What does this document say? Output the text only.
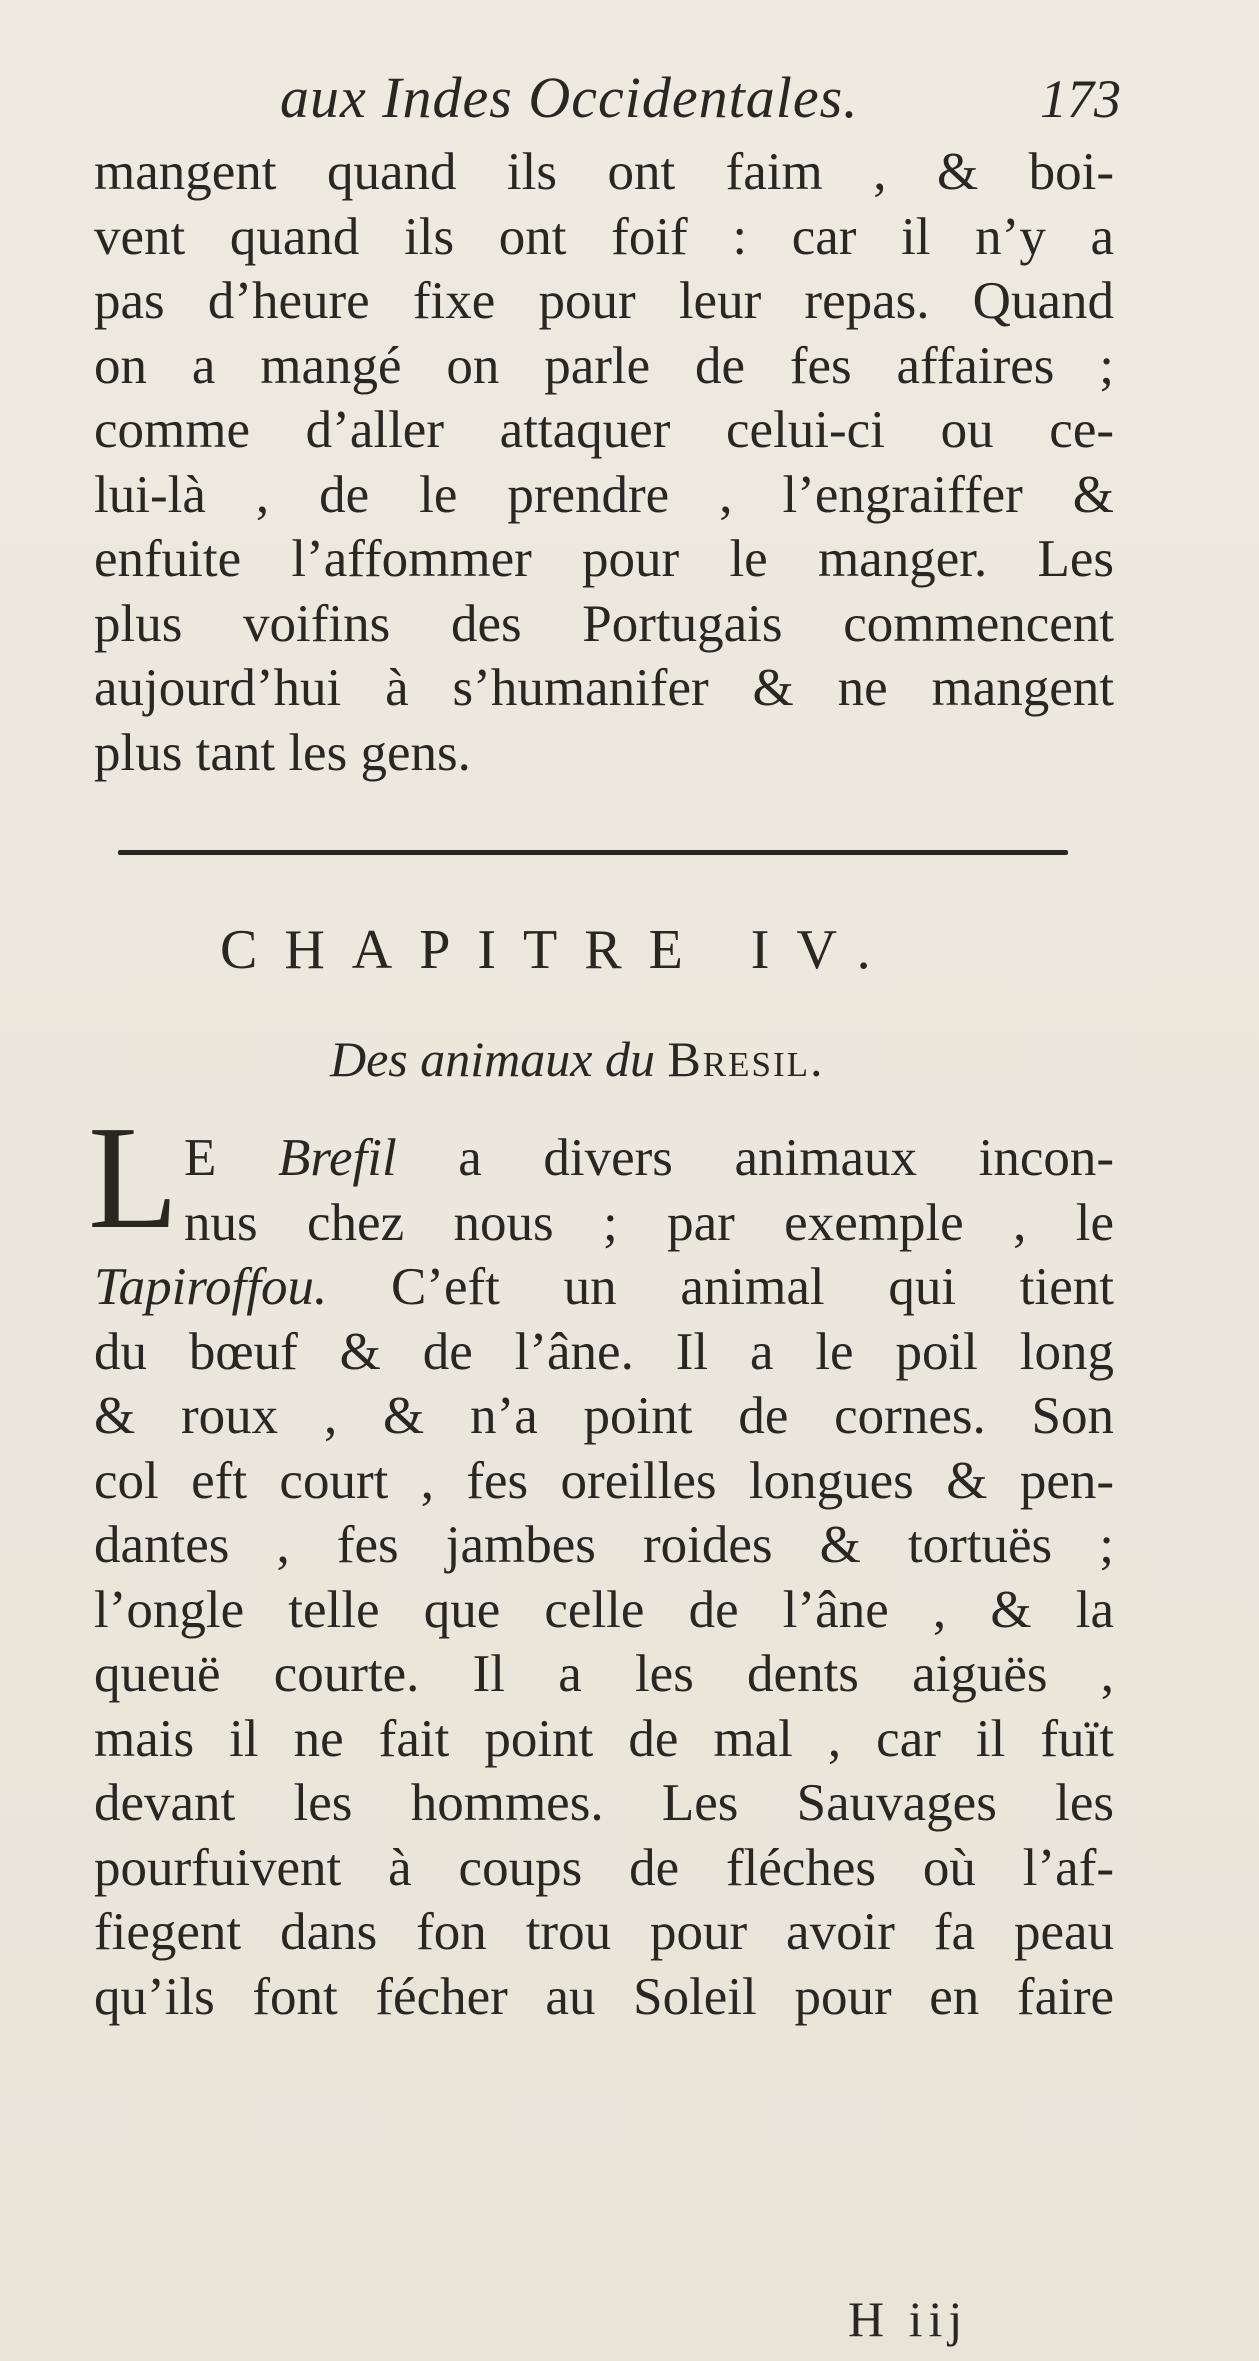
aux Indes Occidentales.	173
mangent quand ils ont faim , & boi-
vent quand ils ont foif : car il n’y a
pas d’heure fixe pour leur repas. Quand
on a mangé on parle de fes affaires ;
comme d’aller attaquer celui-ci ou ce-
lui-là , de le prendre , l’engraiffer &
enfuite l’affommer pour le manger. Les
plus voifins des Portugais commencent
aujourd’hui à s’humanifer & ne mangent
plus tant les gens.
CHAPITRE IV.
Des animaux du Bresil.
L E Brefil a divers animaux incon-
nus chez nous ; par exemple , le
Tapiroffou. C’eft un animal qui tient
du bœuf & de l’âne. Il a le poil long
& roux , & n’a point de cornes. Son
col eft court , fes oreilles longues & pen-
dantes , fes jambes roides & tortuës ;
l’ongle telle que celle de l’âne , & la
queuë courte. Il a les dents aiguës ,
mais il ne fait point de mal , car il fuït
devant les hommes. Les Sauvages les
pourfuivent à coups de fléches où l’af-
fiegent dans fon trou pour avoir fa peau
qu’ils font fécher au Soleil pour en faire
H iij
